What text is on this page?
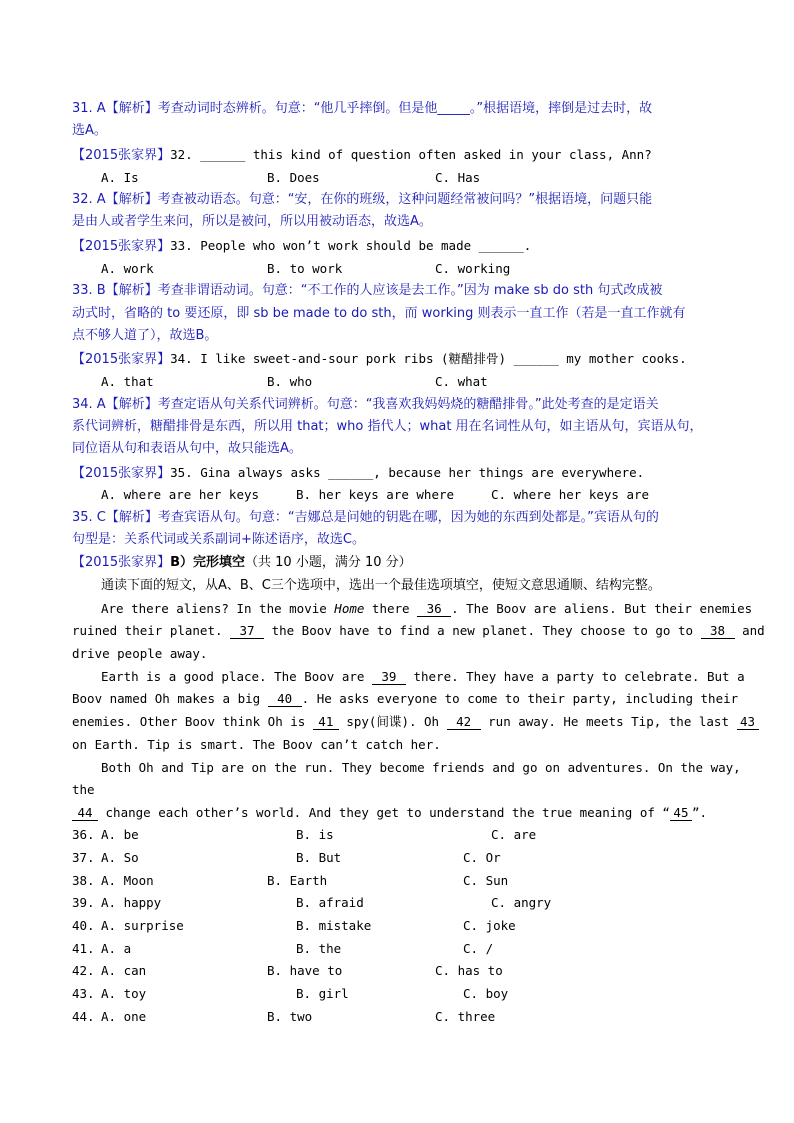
31. A【解析】考查动词时态辨析。句意：“他几乎摔倒。但是他_____。”根据语境，摔倒是过去时，故
选A。
【2015张家界】32. ______ this kind of question often asked in your class, Ann?
A. Is	B. Does	C. Has
32. A【解析】考查被动语态。句意：“安，在你的班级，这种问题经常被问吗？”根据语境，问题只能
是由人或者学生来问，所以是被问，所以用被动语态，故选A。
【2015张家界】33. People who won’t work should be made ______.
A. work	B. to work	C. working
33. B【解析】考查非谓语动词。句意：“不工作的人应该是去工作。”因为 make sb do sth 句式改成被
动式时，省略的 to 要还原，即 sb be made to do sth，而 working 则表示一直工作（若是一直工作就有
点不够人道了），故选B。
【2015张家界】34. I like sweet-and-sour pork ribs (糖醋排骨) ______ my mother cooks.
A. that	B. who	C. what
34. A【解析】考查定语从句关系代词辨析。句意：“我喜欢我妈妈烧的糖醋排骨。”此处考查的是定语关
系代词辨析，糖醋排骨是东西，所以用 that；who 指代人；what 用在名词性从句，如主语从句，宾语从句，
同位语从句和表语从句中，故只能选A。
【2015张家界】35. Gina always asks ______, because her things are everywhere.
A. where are her keys	B. her keys are where	C. where her keys are
35. C【解析】考查宾语从句。句意：“吉娜总是问她的钥匙在哪，因为她的东西到处都是。”宾语从句的
句型是：关系代词或关系副词+陈述语序，故选C。
【2015张家界】B）完形填空（共 10 小题，满分 10 分）
通读下面的短文，从A、B、C三个选项中，选出一个最佳选项填空，使短文意思通顺、结构完整。
Are there aliens? In the movie Home there 36 . The Boov are aliens. But their enemies
ruined their planet. 37 the Boov have to find a new planet. They choose to go to 38 and
drive people away.
Earth is a good place. The Boov are 39 there. They have a party to celebrate. But a
Boov named Oh makes a big 40 . He asks everyone to come to their party, including their
enemies. Other Boov think Oh is 41 spy(间谍). Oh 42 run away. He meets Tip, the last 43
on Earth. Tip is smart. The Boov can’t catch her.
Both Oh and Tip are on the run. They become friends and go on adventures. On the way,
the
44 change each other’s world. And they get to understand the true meaning of “ 45 ”.
36. A. be	B. is	C. are
37. A. So	B. But	C. Or
38. A. Moon	B. Earth	C. Sun
39. A. happy	B. afraid	C. angry
40. A. surprise	B. mistake	C. joke
41. A. a	B. the	C. /
42. A. can	B. have to	C. has to
43. A. toy	B. girl	C. boy
44. A. one	B. two	C. three
